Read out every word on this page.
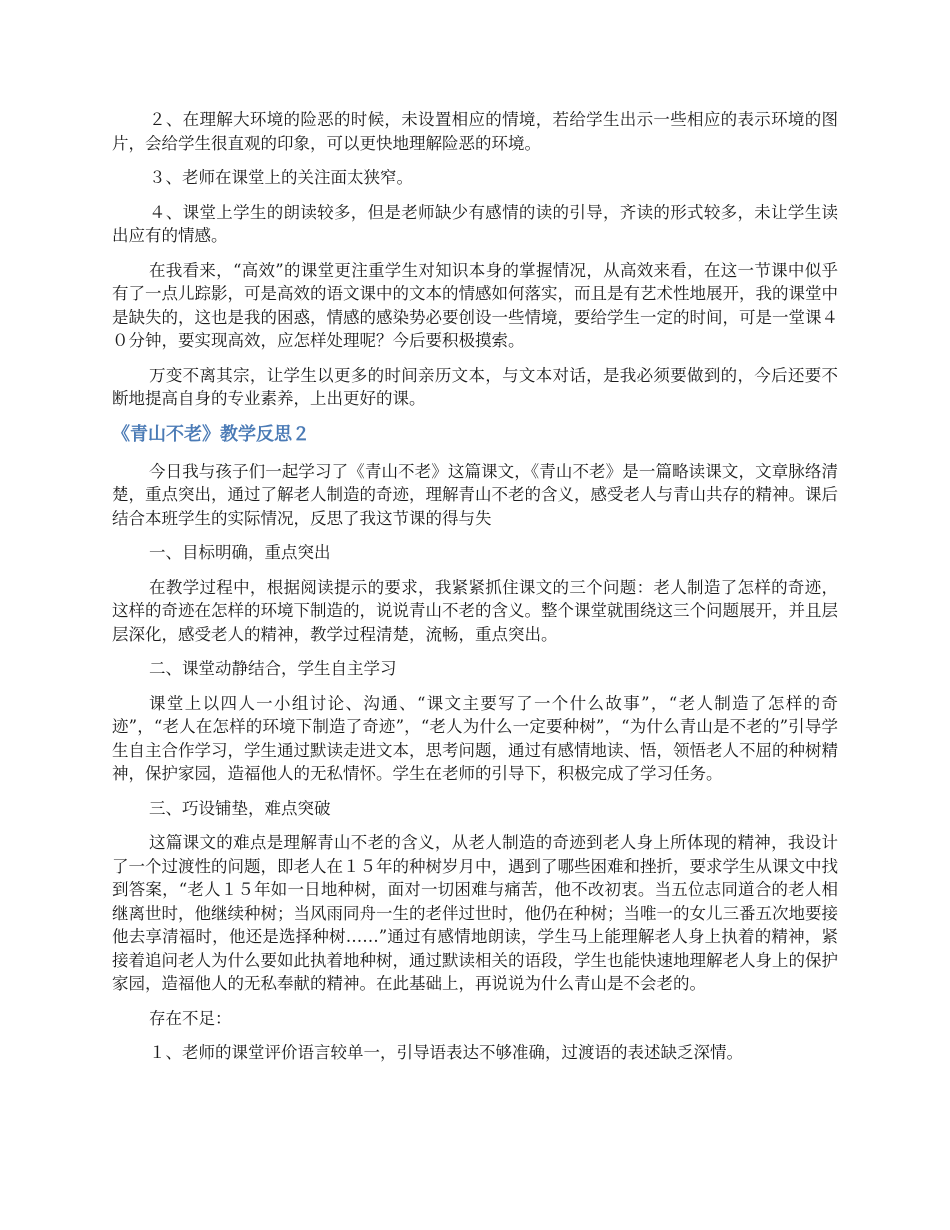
２、在理解大环境的险恶的时候，未设置相应的情境，若给学生出示一些相应的表示环境的图片，会给学生很直观的印象，可以更快地理解险恶的环境。

３、老师在课堂上的关注面太狭窄。

４、课堂上学生的朗读较多，但是老师缺少有感情的读的引导，齐读的形式较多，未让学生读出应有的情感。

在我看来，“高效”的课堂更注重学生对知识本身的掌握情况，从高效来看，在这一节课中似乎有了一点儿踪影，可是高效的语文课中的文本的情感如何落实，而且是有艺术性地展开，我的课堂中是缺失的，这也是我的困惑，情感的感染势必要创设一些情境，要给学生一定的时间，可是一堂课４０分钟，要实现高效，应怎样处理呢？今后要积极摸索。

万变不离其宗，让学生以更多的时间亲历文本，与文本对话，是我必须要做到的，今后还要不断地提高自身的专业素养，上出更好的课。

《青山不老》教学反思２

今日我与孩子们一起学习了《青山不老》这篇课文，《青山不老》是一篇略读课文，文章脉络清楚，重点突出，通过了解老人制造的奇迹，理解青山不老的含义，感受老人与青山共存的精神。课后结合本班学生的实际情况，反思了我这节课的得与失

一、目标明确，重点突出

在教学过程中，根据阅读提示的要求，我紧紧抓住课文的三个问题：老人制造了怎样的奇迹，这样的奇迹在怎样的环境下制造的，说说青山不老的含义。整个课堂就围绕这三个问题展开，并且层层深化，感受老人的精神，教学过程清楚，流畅，重点突出。

二、课堂动静结合，学生自主学习

课堂上以四人一小组讨论、沟通、“课文主要写了一个什么故事”，“老人制造了怎样的奇迹”，“老人在怎样的环境下制造了奇迹”，“老人为什么一定要种树”，“为什么青山是不老的”引导学生自主合作学习，学生通过默读走进文本，思考问题，通过有感情地读、悟，领悟老人不屈的种树精神，保护家园，造福他人的无私情怀。学生在老师的引导下，积极完成了学习任务。

三、巧设铺垫，难点突破

这篇课文的难点是理解青山不老的含义，从老人制造的奇迹到老人身上所体现的精神，我设计了一个过渡性的问题，即老人在１５年的种树岁月中，遇到了哪些困难和挫折，要求学生从课文中找到答案，“老人１５年如一日地种树，面对一切困难与痛苦，他不改初衷。当五位志同道合的老人相继离世时，他继续种树；当风雨同舟一生的老伴过世时，他仍在种树；当唯一的女儿三番五次地要接他去享清福时，他还是选择种树……”通过有感情地朗读，学生马上能理解老人身上执着的精神，紧接着追问老人为什么要如此执着地种树，通过默读相关的语段，学生也能快速地理解老人身上的保护家园，造福他人的无私奉献的精神。在此基础上，再说说为什么青山是不会老的。

存在不足：

１、老师的课堂评价语言较单一，引导语表达不够准确，过渡语的表述缺乏深情。
